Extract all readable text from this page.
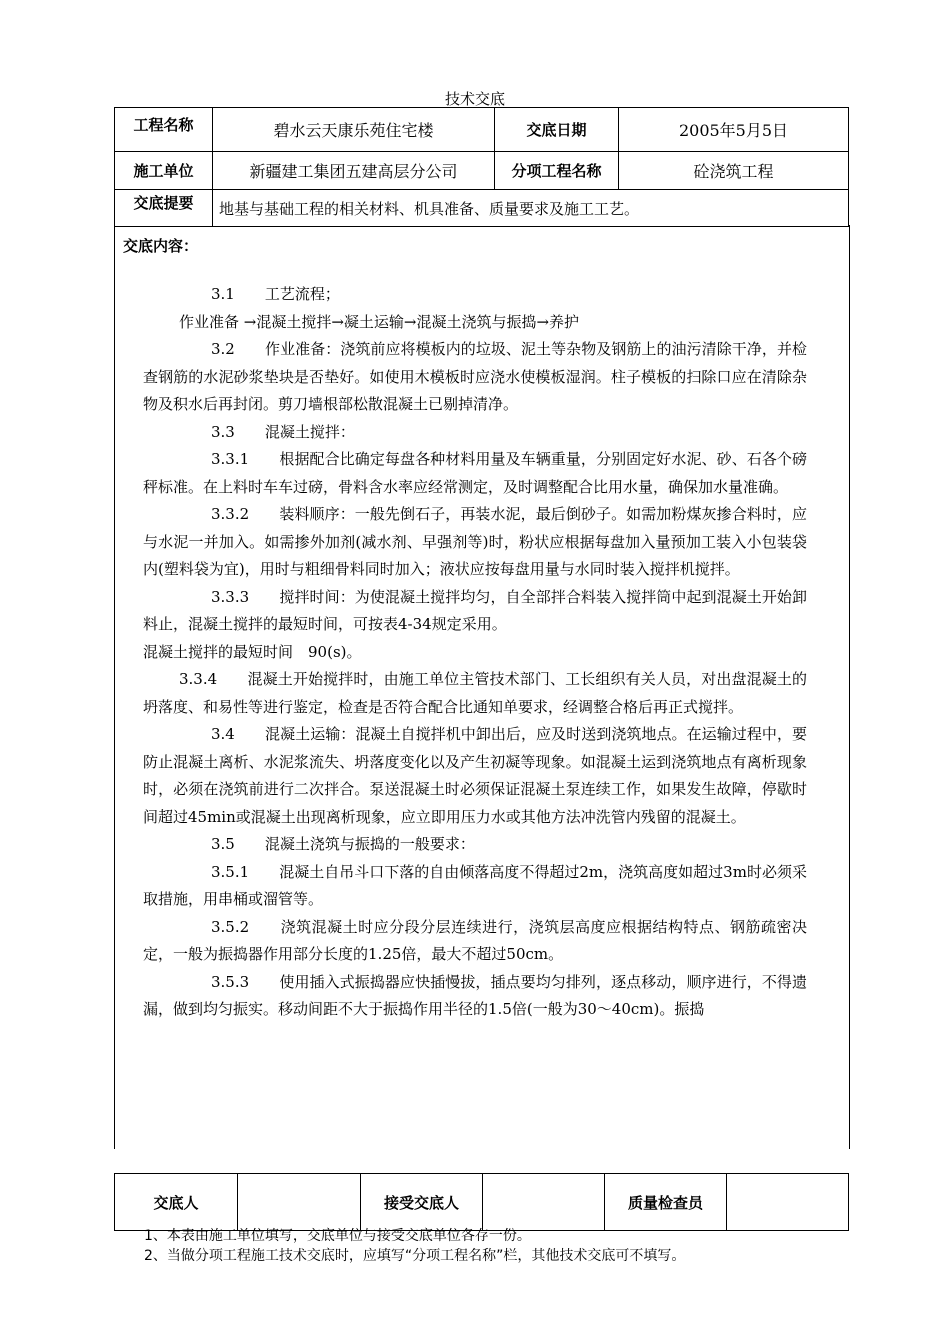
技术交底
工程名称	碧水云天康乐苑住宅楼	交底日期	2005年5月5日
施工单位	新疆建工集团五建高层分公司	分项工程名称	砼浇筑工程
交底提要	地基与基础工程的相关材料、机具准备、质量要求及施工工艺。		
交底内容：

3.1　　工艺流程；

作业准备 →混凝土搅拌→凝土运输→混凝土浇筑与振捣→养护

3.2　　作业准备：浇筑前应将模板内的垃圾、泥土等杂物及钢筋上的油污清除干净，并检查钢筋的水泥砂浆垫块是否垫好。如使用木模板时应浇水使模板湿润。柱子模板的扫除口应在清除杂物及积水后再封闭。剪刀墙根部松散混凝土已剔掉清净。

3.3　　混凝土搅拌：

3.3.1　　根据配合比确定每盘各种材料用量及车辆重量，分别固定好水泥、砂、石各个磅秤标准。在上料时车车过磅，骨料含水率应经常测定，及时调整配合比用水量，确保加水量准确。

3.3.2　　装料顺序：一般先倒石子，再装水泥，最后倒砂子。如需加粉煤灰掺合料时，应与水泥一并加入。如需掺外加剂(减水剂、早强剂等)时，粉状应根据每盘加入量预加工装入小包装袋内(塑料袋为宜)，用时与粗细骨料同时加入；液状应按每盘用量与水同时装入搅拌机搅拌。

3.3.3　　搅拌时间：为使混凝土搅拌均匀，自全部拌合料装入搅拌筒中起到混凝土开始卸料止，混凝土搅拌的最短时间，可按表4-34规定采用。

混凝土搅拌的最短时间　90(s)。

3.3.4　　混凝土开始搅拌时，由施工单位主管技术部门、工长组织有关人员，对出盘混凝土的坍落度、和易性等进行鉴定，检查是否符合配合比通知单要求，经调整合格后再正式搅拌。

3.4　　混凝土运输：混凝土自搅拌机中卸出后，应及时送到浇筑地点。在运输过程中，要防止混凝土离析、水泥浆流失、坍落度变化以及产生初凝等现象。如混凝土运到浇筑地点有离析现象时，必须在浇筑前进行二次拌合。泵送混凝土时必须保证混凝土泵连续工作，如果发生故障，停歇时间超过45min或混凝土出现离析现象，应立即用压力水或其他方法冲洗管内残留的混凝土。

3.5　　混凝土浇筑与振捣的一般要求：

3.5.1　　混凝土自吊斗口下落的自由倾落高度不得超过2m，浇筑高度如超过3m时必须采取措施，用串桶或溜管等。

3.5.2　　浇筑混凝土时应分段分层连续进行，浇筑层高度应根据结构特点、钢筋疏密决定，一般为振捣器作用部分长度的1.25倍，最大不超过50cm。

3.5.3　　使用插入式振捣器应快插慢拔，插点要均匀排列，逐点移动，顺序进行，不得遗漏，做到均匀振实。移动间距不大于振捣作用半径的1.5倍(一般为30～40cm)。振捣

交底人		接受交底人		质量检查员	
1、本表由施工单位填写，交底单位与接受交底单位各存一份。
2、当做分项工程施工技术交底时，应填写“分项工程名称”栏，其他技术交底可不填写。
